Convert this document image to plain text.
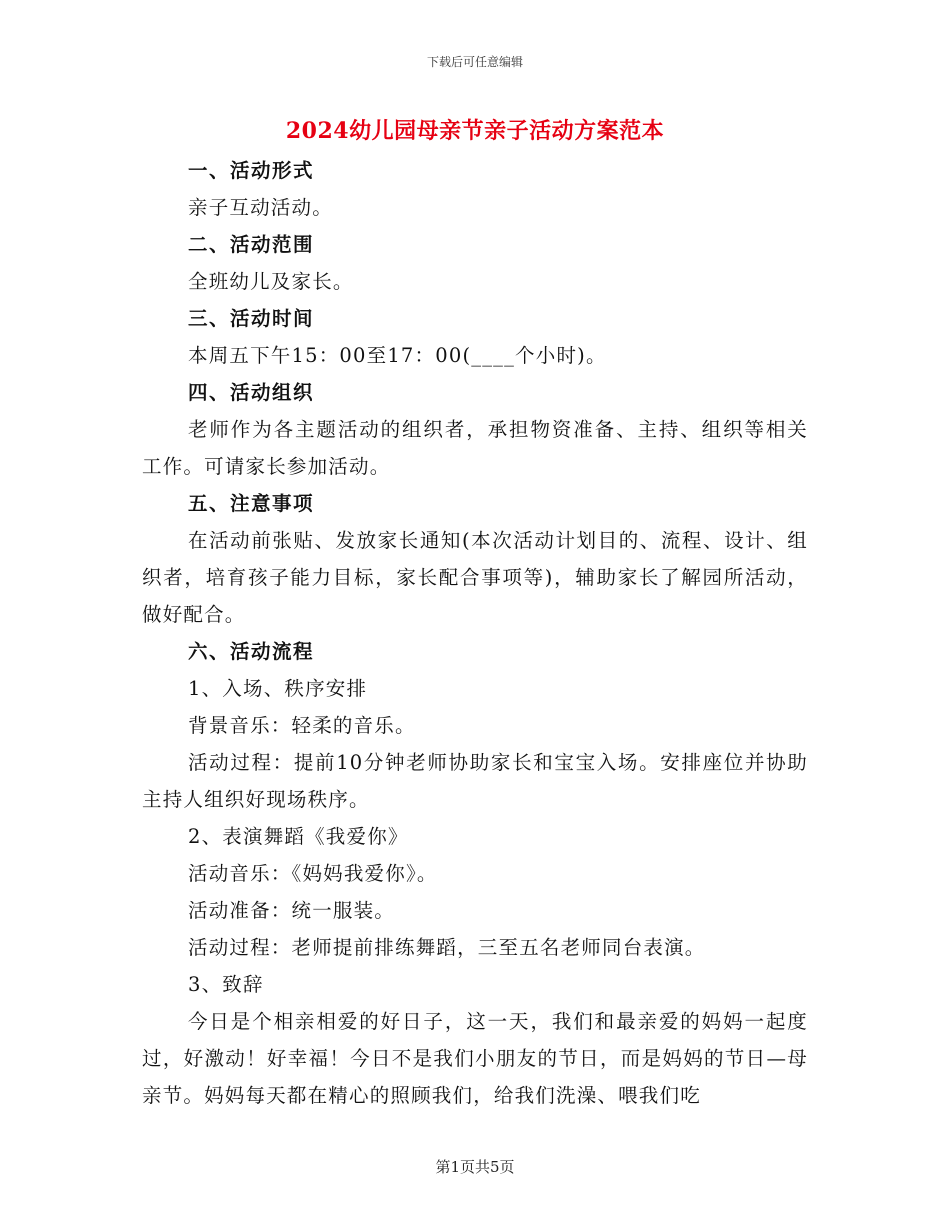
下载后可任意编辑
2024幼儿园母亲节亲子活动方案范本

一、活动形式

亲子互动活动。

二、活动范围

全班幼儿及家长。

三、活动时间

本周五下午15：00至17：00(____个小时)。

四、活动组织

老师作为各主题活动的组织者，承担物资准备、主持、组织等相关工作。可请家长参加活动。

五、注意事项

在活动前张贴、发放家长通知(本次活动计划目的、流程、设计、组织者，培育孩子能力目标，家长配合事项等)，辅助家长了解园所活动，做好配合。

六、活动流程

1、入场、秩序安排

背景音乐：轻柔的音乐。

活动过程：提前10分钟老师协助家长和宝宝入场。安排座位并协助主持人组织好现场秩序。

2、表演舞蹈《我爱你》

活动音乐：《妈妈我爱你》。

活动准备：统一服装。

活动过程：老师提前排练舞蹈，三至五名老师同台表演。

3、致辞

今日是个相亲相爱的好日子，这一天，我们和最亲爱的妈妈一起度过，好激动！好幸福！今日不是我们小朋友的节日，而是妈妈的节日—母亲节。妈妈每天都在精心的照顾我们，给我们洗澡、喂我们吃

第1页共5页
